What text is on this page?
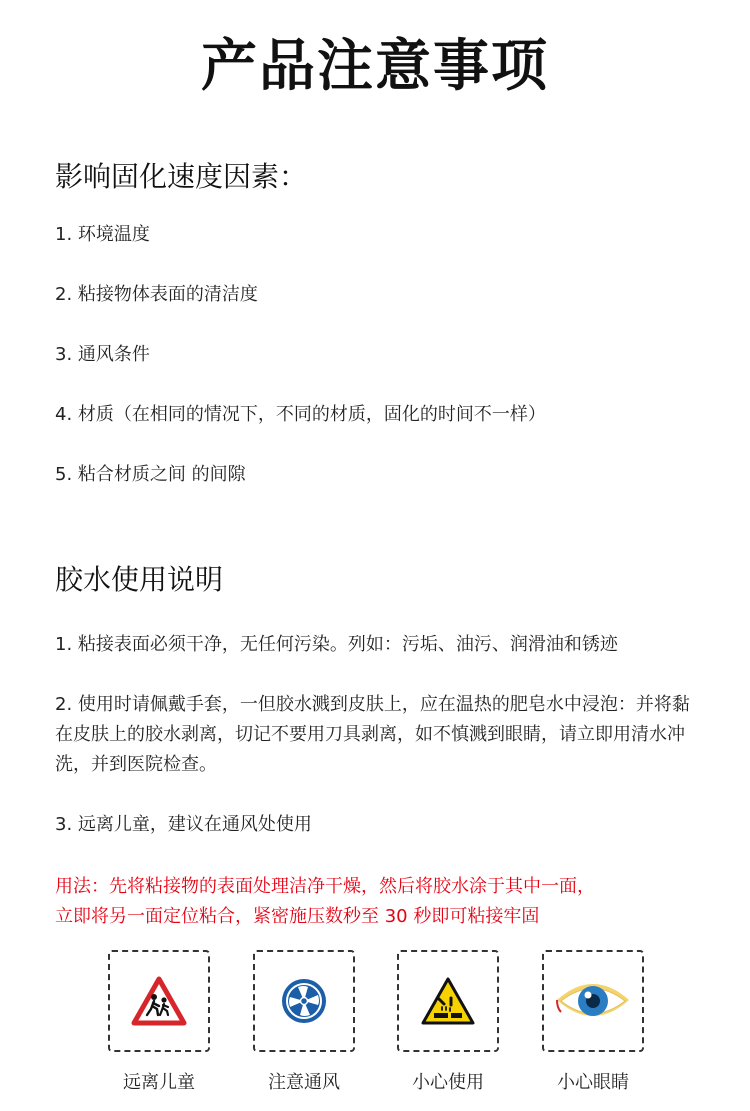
产品注意事项
影响固化速度因素：
1. 环境温度
2. 粘接物体表面的清洁度
3. 通风条件
4. 材质（在相同的情况下，不同的材质，固化的时间不一样）
5. 粘合材质之间 的间隙
胶水使用说明
1. 粘接表面必须干净，无任何污染。列如：污垢、油污、润滑油和锈迹
2. 使用时请佩戴手套，一但胶水溅到皮肤上，应在温热的肥皂水中浸泡：并将黏在皮肤上的胶水剥离，切记不要用刀具剥离，如不慎溅到眼睛，请立即用清水冲洗，并到医院检查。
3. 远离儿童，建议在通风处使用
用法：先将粘接物的表面处理洁净干燥，然后将胶水涂于其中一面，
立即将另一面定位粘合，紧密施压数秒至 30 秒即可粘接牢固
远离儿童	注意通风	小心使用	小心眼睛
